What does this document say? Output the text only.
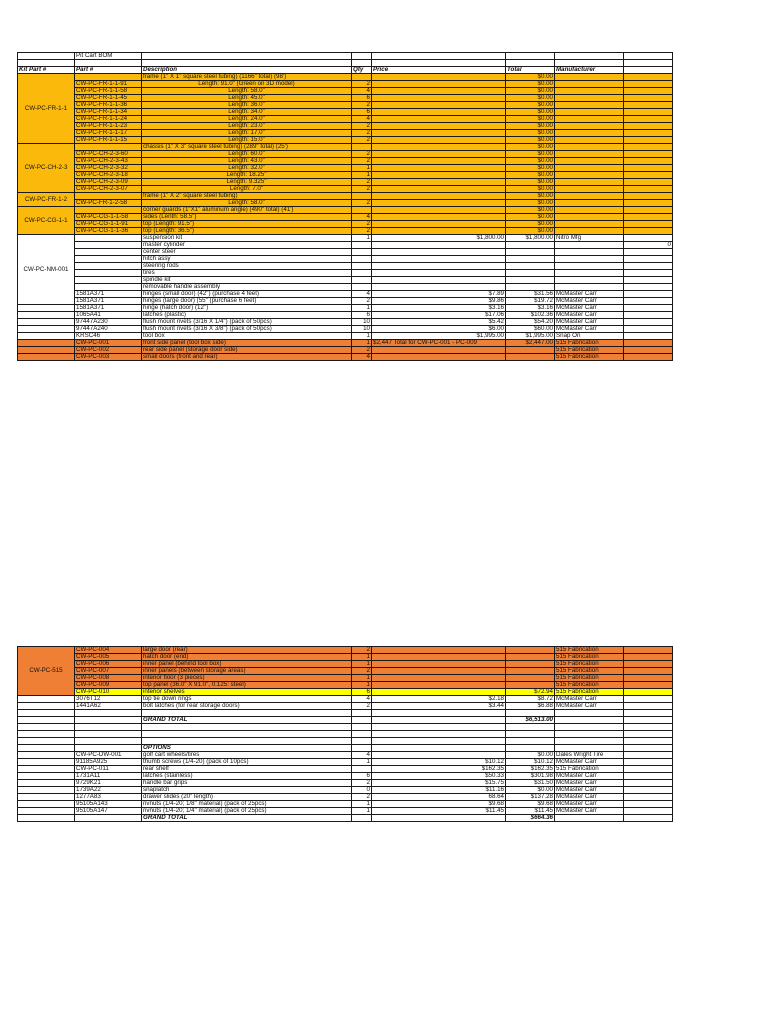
	Pit Cart BOM						

Kit Part #	Part #	Description	Qty	Price	Total	Manufacturer	
CW-PC-FR-1-1		frame (1" X 1" square steel tubing) (1166" total) (98')			$0.00		
	CW-PC-FR-1-1-91	Length: 91.0" (Green on 3D model)	2		$0.00		
	CW-PC-FR-1-1-58	Length: 58.0"	4		$0.00		
	CW-PC-FR-1-1-45	Length: 45.0"	6		$0.00		
	CW-PC-FR-1-1-36	Length: 36.0"	2		$0.00		
	CW-PC-FR-1-1-34	Length: 34.0"	6		$0.00		
	CW-PC-FR-1-1-24	Length: 24.0"	4		$0.00		
	CW-PC-FR-1-1-23	Length: 23.0"	2		$0.00		
	CW-PC-FR-1-1-17	Length: 17.0"	2		$0.00		
	CW-PC-FR-1-1-15	Length: 15.0"	2		$0.00		
CW-PC-CH-2-3		chassis (1" X 3" square steel tubing) (289" total) (25')			$0.00		
	CW-PC-CH-2-3-60	Length: 60.0"	2		$0.00		
	CW-PC-CH-2-3-43	Length: 43.0"	2		$0.00		
	CW-PC-CH-2-3-32	Length: 32.0"	1		$0.00		
	CW-PC-CH-2-3-18	Length: 18.25"	1		$0.00		
	CW-PC-CH-2-3-09	Length: 9.325"	2		$0.00		
	CW-PC-CH-2-3-07	Length: 7.0"	2		$0.00		
CW-PC-FR-1-2		frame (1" X 2" square steel tubing)			$0.00		
	CW-PC-FR-1-2-58	Length: 58.0"	2		$0.00		
CW-PC-CG-1-1		corner guards (1"X1" aluminum angle) (490" total) (41')			$0.00		
	CW-PC-CG-1-1-58	sides (Lenth: 58.5")	4		$0.00		
	CW-PC-CG-1-1-91	top (Length: 91.5")	2		$0.00		
	CW-PC-CG-1-1-36	top (Length: 36.5")	2		$0.00		
CW-PC-NM-001		suspension kit	1	$1,800.00	$1,800.00	Nitro Mfg	
		master cylinder					0
		center steer					
		hitch assy					
		steering rods					
		tires					
		spindle kit					
		removable handle assembly					
	1581A371	hinges (small door) (42") (purchase 4 feet)	4	$7.89	$31.56	McMaster Carr	
	1581A371	hinges (large door) (55" (purchase 6 feet)	2	$9.86	$19.72	McMaster Carr	
	1581A371	hinge (hatch door) (12")	1	$3.16	$3.16	McMaster Carr	
	1065A41	latches (plastic)	6	$17.06	$102.36	McMaster Carr	
	97447A230	flush mount rivets (3/16 X 1/4") (pack of 50pcs)	10	$5.42	$54.20	McMaster Carr	
	97447A240	flush mount rivets (3/16 X 3/8") (pack of 50pcs)	10	$6.00	$60.00	McMaster Carr	
	KRSC46	tool box	1	$1,995.00	$1,995.00	Snap On	
	CW-PC-001	front side panel (tool box side)	1	$2,447 Total for CW-PC-001 - PC-009	$2,447.00	515 Fabrication	
	CW-PC-002	rear side panel (storage door side)	2			515 Fabrication	
	CW-PC-003	small doors (front and rear)	4			515 Fabrication	
CW-PC-515	CW-PC-004	large door (rear)	2			515 Fabrication	
	CW-PC-005	hatch door (end)	1			515 Fabrication	
	CW-PC-006	inner panel (behind tool box)	1			515 Fabrication	
	CW-PC-007	inner panels (between storage areas)	2			515 Fabrication	
	CW-PC-008	interior floor (3 pieces)	1			515 Fabrication	
	CW-PC-009	top panel (36.0" X 91.0", 0.125: steel)	1			515 Fabrication	
	CW-PC-010	interior shelves	6		$72.94	515 Fabrication	
	3076T12	top tie down rings	4	$2.18	$8.72	McMaster Carr	
	1441A62	bolt latches (for rear storage doors)	2	$3.44	$6.88	McMaster Carr	

		GRAND TOTAL			$6,513.00		

		OPTIONS					
	CW-PC-DW-001	golf cart wheels/tires	4		$0.00	Dales Wright Tire	
	91185A925	thumb screws (1/4-20) (pack of 10pcs)	1	$10.12	$10.12	McMaster Carr	
	CW-PC-011	rear shelf		$162.35	$162.35	515 Fabrication	
	1731A11	latches (stainless)	6	$50.33	$301.98	McMaster Carr	
	9729K21	handle bar grips	2	$15.75	$31.50	McMaster Carr	
	1739A22	snaplatch	0	$11.16	$0.00	McMaster Carr	
	1277A83	drawer slides (20" length)	2	68.64	$137.28	McMaster Carr	
	95105A143	rivnuts (1/4-20; 1/8" material) (pack of 25pcs)	1	$9.68	$9.68	McMaster Carr	
	95105A147	rivnuts (1/4-20; 1/4" material) (pack of 25pcs)	1	$11.45	$11.45	McMaster Carr	
		GRAND TOTAL			$664.36		
